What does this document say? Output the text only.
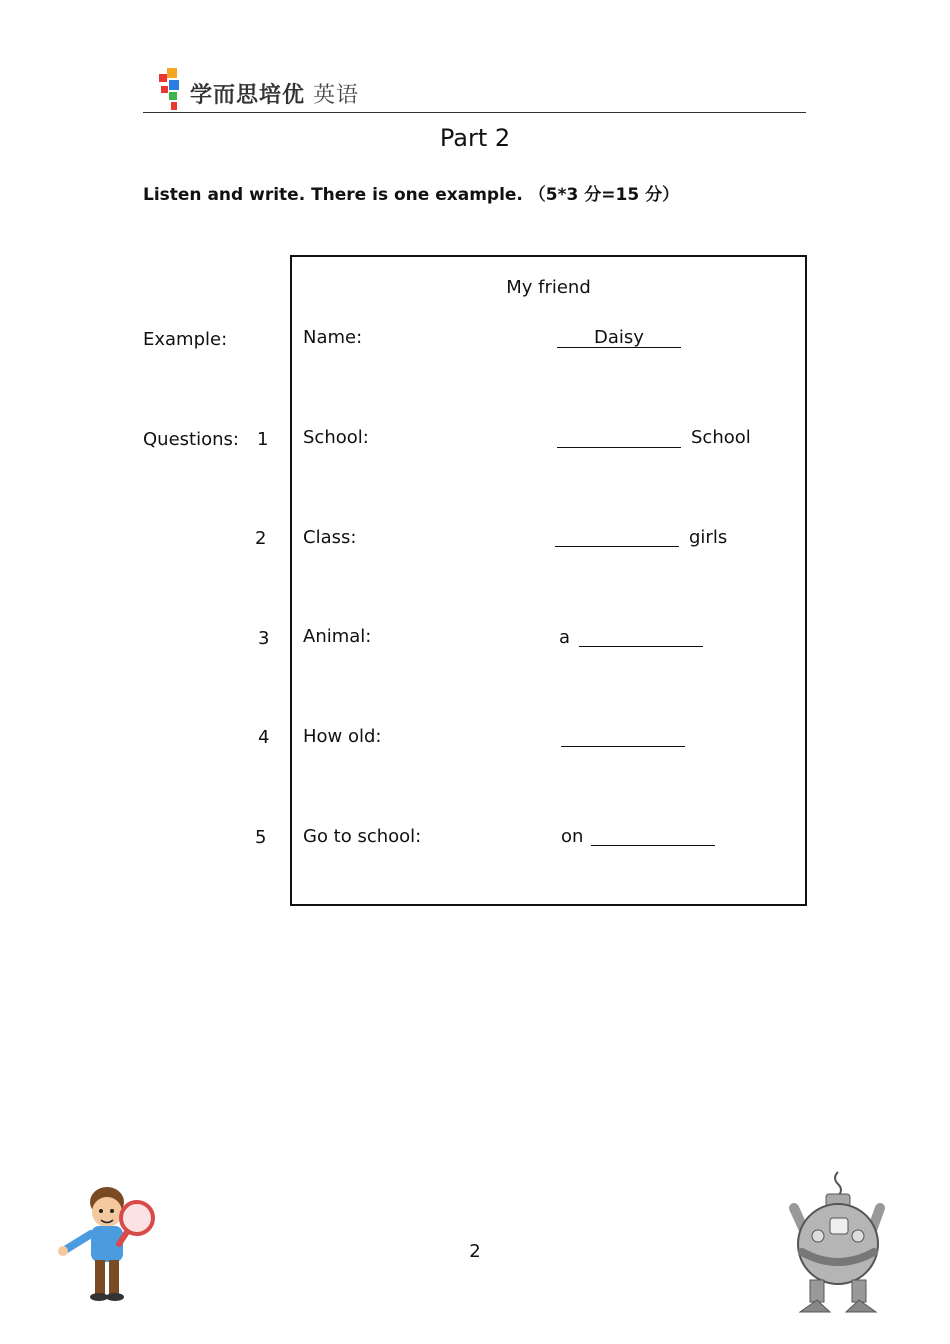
学而思培优 英语
Part 2
Listen and write. There is one example. （5*3 分=15 分）
My friend
Example:
Questions: 1
2
3
4
5
Name:
School:
Class:
Animal:
How old:
Go to school:
Daisy
School
girls
a
on
2
